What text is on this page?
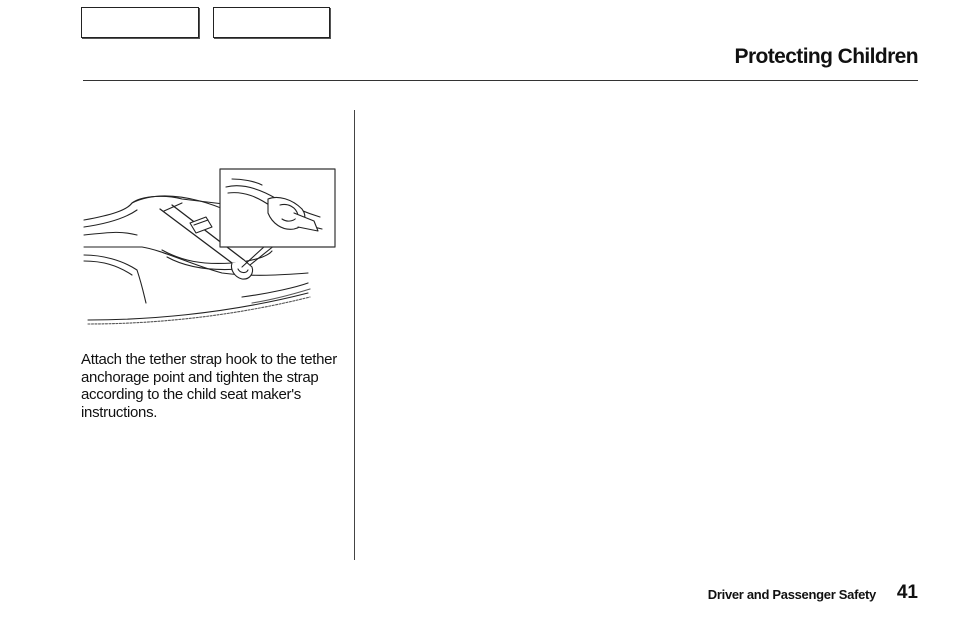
Protecting Children

Attach the tether strap hook to the tether anchorage point and tighten the strap according to the child seat maker's instructions.

Driver and Passenger Safety 41
